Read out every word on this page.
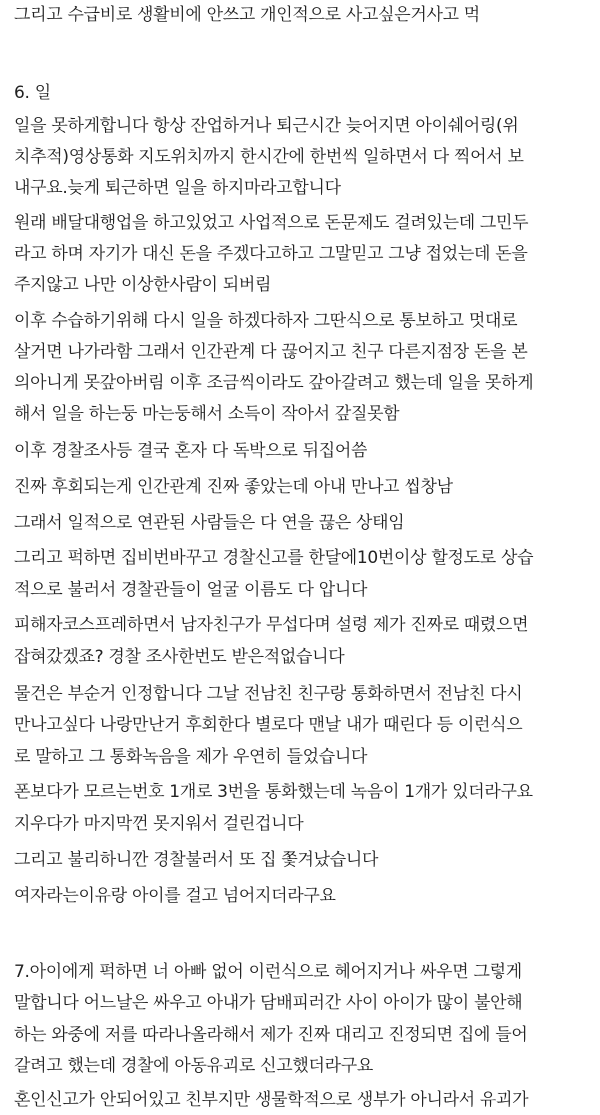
그리고 수급비로 생활비에 안쓰고 개인적으로 사고싶은거사고 먹
6. 일
일을 못하게합니다 항상 잔업하거나 퇴근시간 늦어지면 아이쉐어링(위
치추적)영상통화 지도위치까지 한시간에 한번씩 일하면서 다 찍어서 보
내구요.늦게 퇴근하면 일을 하지마라고합니다
원래 배달대행업을 하고있었고 사업적으로 돈문제도 걸려있는데 그민두
라고 하며 자기가 대신 돈을 주겠다고하고 그말믿고 그냥 접었는데 돈을
주지않고 나만 이상한사람이 되버림
이후 수습하기위해 다시 일을 하겠다하자 그딴식으로 통보하고 멋대로
살거면 나가라함 그래서 인간관계 다 끊어지고 친구 다른지점장 돈을 본
의아니게 못갚아버림 이후 조금씩이라도 갚아갈려고 했는데 일을 못하게
해서 일을 하는둥 마는둥해서 소득이 작아서 갚질못함
이후 경찰조사등 결국 혼자 다 독박으로 뒤집어씀
진짜 후회되는게 인간관계 진짜 좋았는데 아내 만나고 씹창남
그래서 일적으로 연관된 사람들은 다 연을 끊은 상태임
그리고 퍽하면 집비번바꾸고 경찰신고를 한달에10번이상 할정도로 상습
적으로 불러서 경찰관들이 얼굴 이름도 다 압니다
피해자코스프레하면서 남자친구가 무섭다며 설령 제가 진짜로 때렸으면
잡혀갔겠죠? 경찰 조사한번도 받은적없습니다
물건은 부순거 인정합니다 그날 전남친 친구랑 통화하면서 전남친 다시
만나고싶다 나랑만난거 후회한다 별로다 맨날 내가 때린다 등 이런식으
로 말하고 그 통화녹음을 제가 우연히 들었습니다
폰보다가 모르는번호 1개로 3번을 통화했는데 녹음이 1개가 있더라구요
지우다가 마지막껀 못지워서 걸린겁니다
그리고 불리하니깐 경찰불러서 또 집 쫓겨났습니다
여자라는이유랑 아이를 걸고 넘어지더라구요
7.아이에게 퍽하면 너 아빠 없어 이런식으로 헤어지거나 싸우면 그렇게
말합니다 어느날은 싸우고 아내가 담배피러간 사이 아이가 많이 불안해
하는 와중에 저를 따라나올라해서 제가 진짜 대리고 진정되면 집에 들어
갈려고 했는데 경찰에 아동유괴로 신고했더라구요
혼인신고가 안되어있고 친부지만 생물학적으로 생부가 아니라서 유괴가
